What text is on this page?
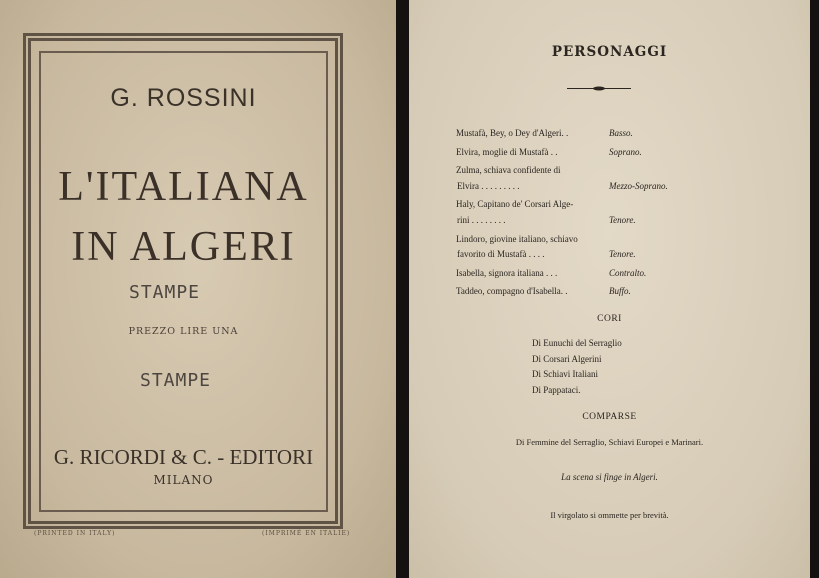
G. ROSSINI
L'ITALIANA
IN ALGERI
STAMPE
PREZZO LIRE UNA
STAMPE
G. RICORDI & C. - EDITORI
MILANO
(PRINTED IN ITALY)	(IMPRIMÉ EN ITALIE)
PERSONAGGI
Mustafà, Bey, o Dey d'Algeri. .	Basso.
Elvira, moglie di Mustafà . .	Soprano.
Zulma, schiava confidente di
Elvira . . . . . . . . .	Mezzo-Soprano.
Haly, Capitano de' Corsari Alge-
rini . . . . . . . .	Tenore.
Lindoro, giovine italiano, schiavo
favorito di Mustafà . . . .	Tenore.
Isabella, signora italiana . . .	Contralto.
Taddeo, compagno d'Isabella. .	Buffo.
CORI
Di Eunuchi del Serraglio
Di Corsari Algerini
Di Schiavi Italiani
Di Pappataci.
COMPARSE
Di Femmine del Serraglio, Schiavi Europei e Marinari.
La scena si finge in Algeri.
Il virgolato si ommette per brevità.
